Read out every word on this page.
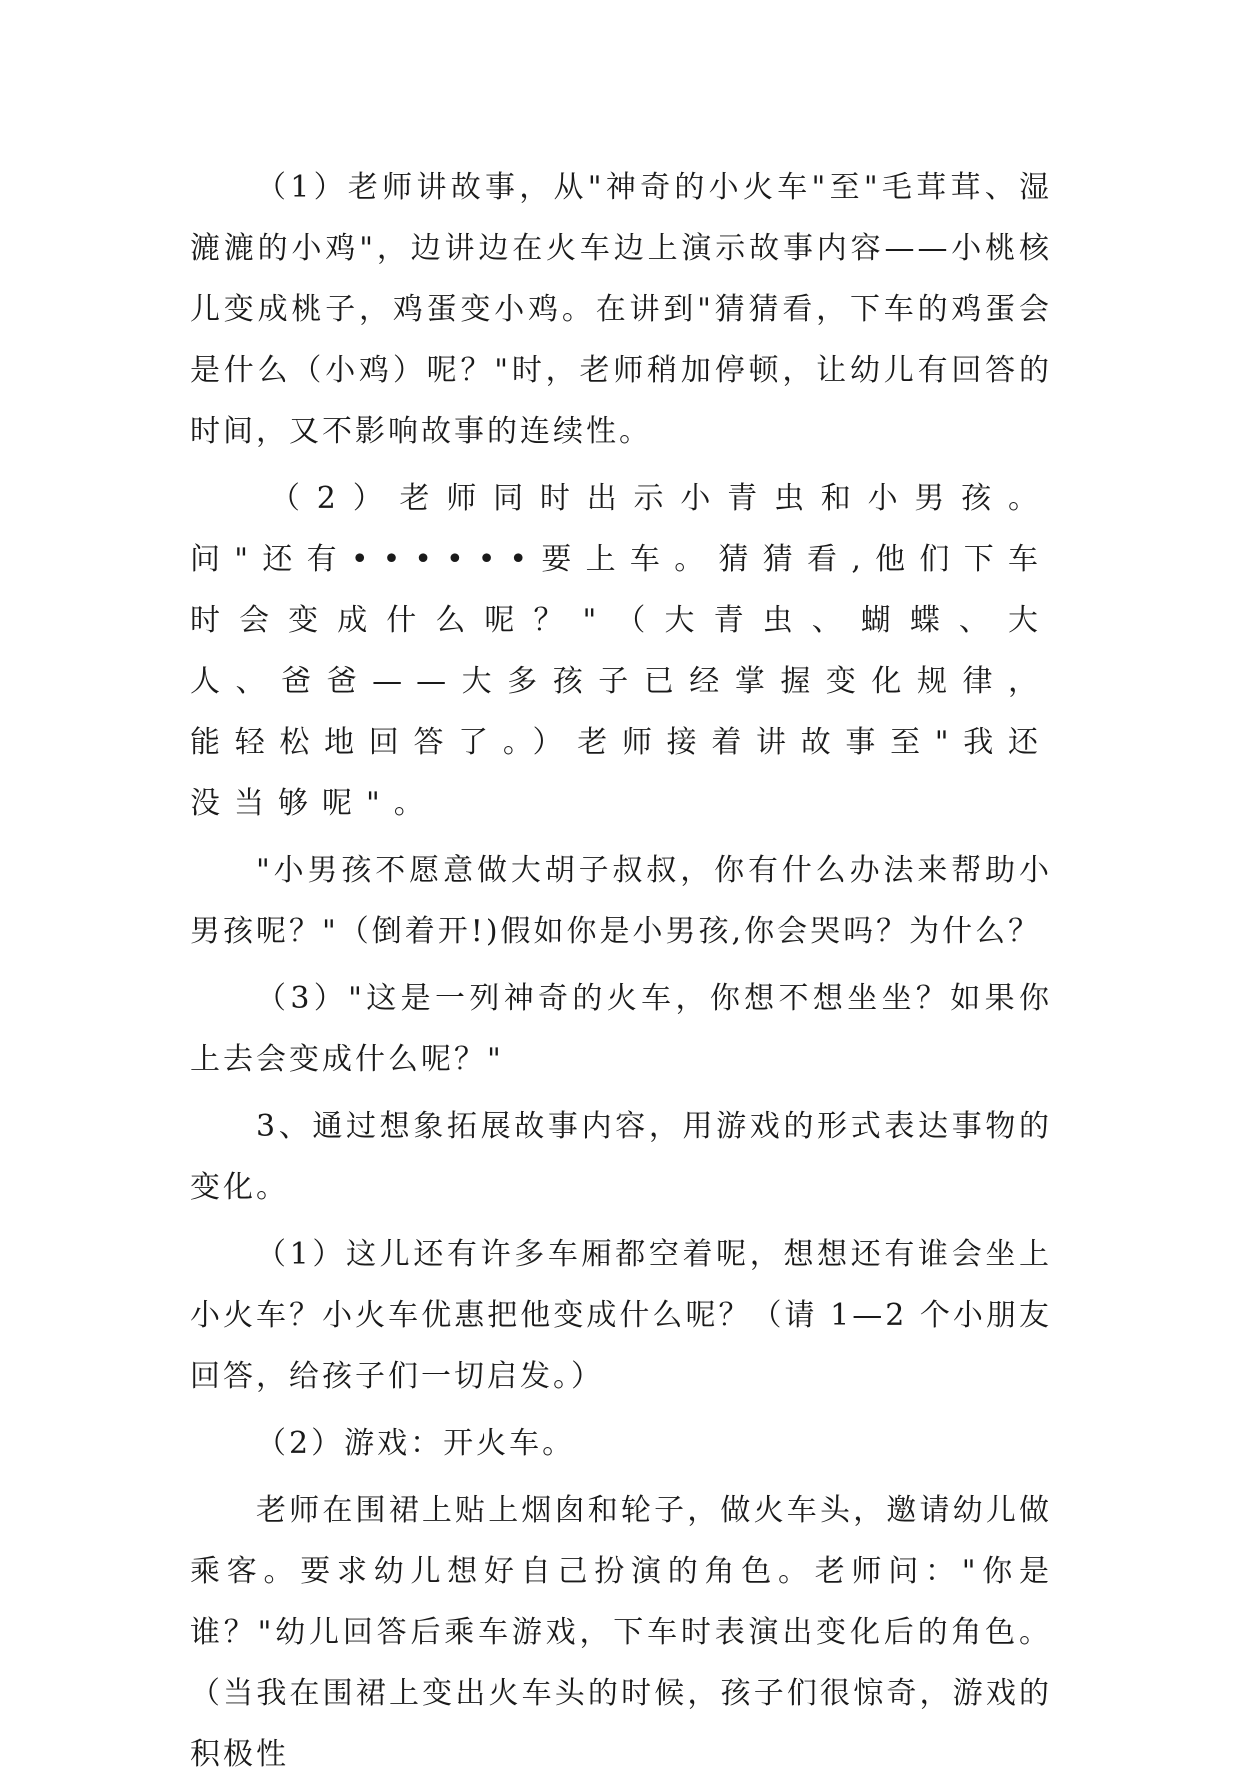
（1）老师讲故事，从"神奇的小火车"至"毛茸茸、湿漉漉的小鸡"，边讲边在火车边上演示故事内容——小桃核儿变成桃子，鸡蛋变小鸡。在讲到"猜猜看，下车的鸡蛋会是什么（小鸡）呢？"时，老师稍加停顿，让幼儿有回答的时间，又不影响故事的连续性。

（2）老师同时出示小青虫和小男孩。问"还有••••••要上车。猜猜看,他们下车时会变成什么呢？"（大青虫、蝴蝶、大人、爸爸——大多孩子已经掌握变化规律，能轻松地回答了。）老师接着讲故事至"我还没当够呢"。

"小男孩不愿意做大胡子叔叔，你有什么办法来帮助小男孩呢？"（倒着开!)假如你是小男孩,你会哭吗？为什么？

（3）"这是一列神奇的火车，你想不想坐坐？如果你上去会变成什么呢？"

3、通过想象拓展故事内容，用游戏的形式表达事物的变化。

（1）这儿还有许多车厢都空着呢，想想还有谁会坐上小火车？小火车优惠把他变成什么呢？（请 1—2 个小朋友回答，给孩子们一切启发。）

（2）游戏：开火车。

老师在围裙上贴上烟囱和轮子，做火车头，邀请幼儿做乘客。要求幼儿想好自己扮演的角色。老师问："你是谁？"幼儿回答后乘车游戏，下车时表演出变化后的角色。（当我在围裙上变出火车头的时候，孩子们很惊奇，游戏的积极性
